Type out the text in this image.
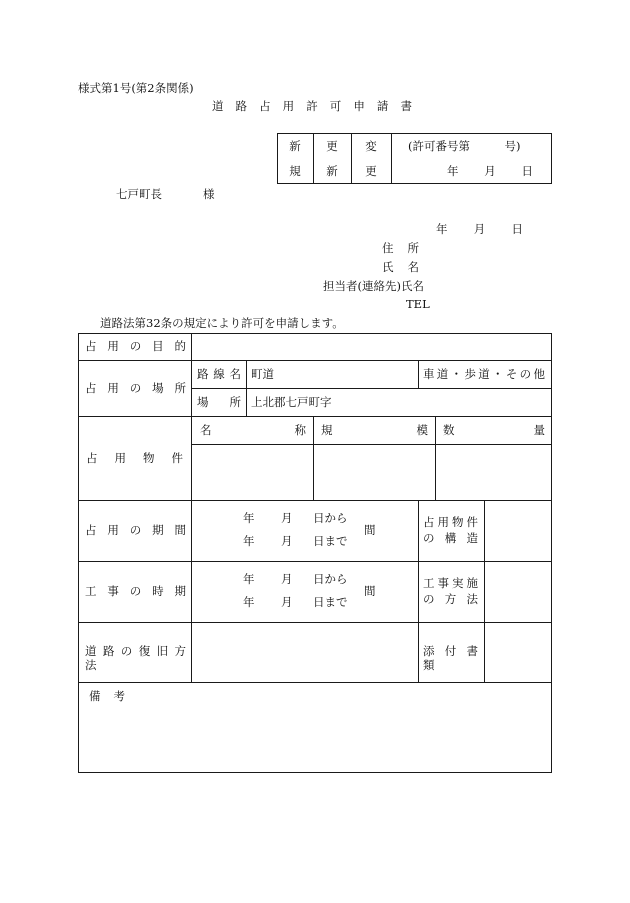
様式第1号(第2条関係)
道 路 占 用 許 可 申 請 書
新
規
更
新
変
更
(許可番号第　　　号)
年 月 日
七戸町長	様
年 月 日
住 所
氏 名
担当者(連絡先)氏名
TEL
道路法第32条の規定により許可を申請します。
占 用 の 目 的
占 用 の 場 所
路 線 名 町道	車道・歩道・その他
場 所 上北郡七戸町字
占 用 物 件
名 称 規 模 数 量
占 用 の 期 間
年 月 日から
年 月 日まで
間
占用物件
の 構 造
工 事 の 時 期
年 月 日から
年 月 日まで
間
工事実施
の 方 法
道 路 の 復 旧 方 法
添 付 書 類
備 考
